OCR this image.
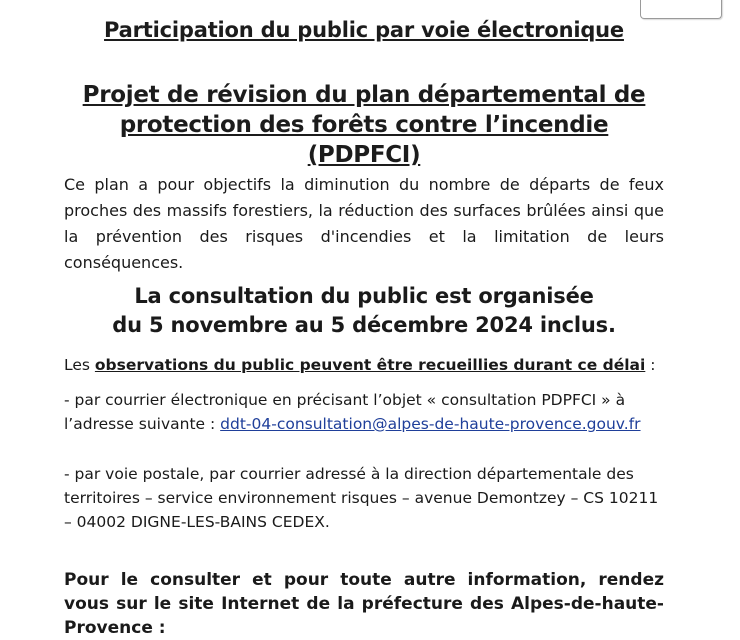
Participation du public par voie électronique
Projet de révision du plan départemental de
protection des forêts contre l’incendie (PDPFCI)

Ce plan a pour objectifs la diminution du nombre de départs de feux proches des massifs forestiers, la réduction des surfaces brûlées ainsi que la prévention des risques d'incendies et la limitation de leurs conséquences.

La consultation du public est organisée
du 5 novembre au 5 décembre 2024 inclus.

Les observations du public peuvent être recueillies durant ce délai :

- par courrier électronique en précisant l’objet « consultation PDPFCI » à l’adresse suivante : ddt-04-consultation@alpes-de-haute-provence.gouv.fr

- par voie postale, par courrier adressé à la direction départementale des territoires – service environnement risques – avenue Demontzey – CS 10211 – 04002 DIGNE-LES-BAINS CEDEX.

Pour le consulter et pour toute autre information, rendez vous sur le site Internet de la préfecture des Alpes-de-haute-Provence :
